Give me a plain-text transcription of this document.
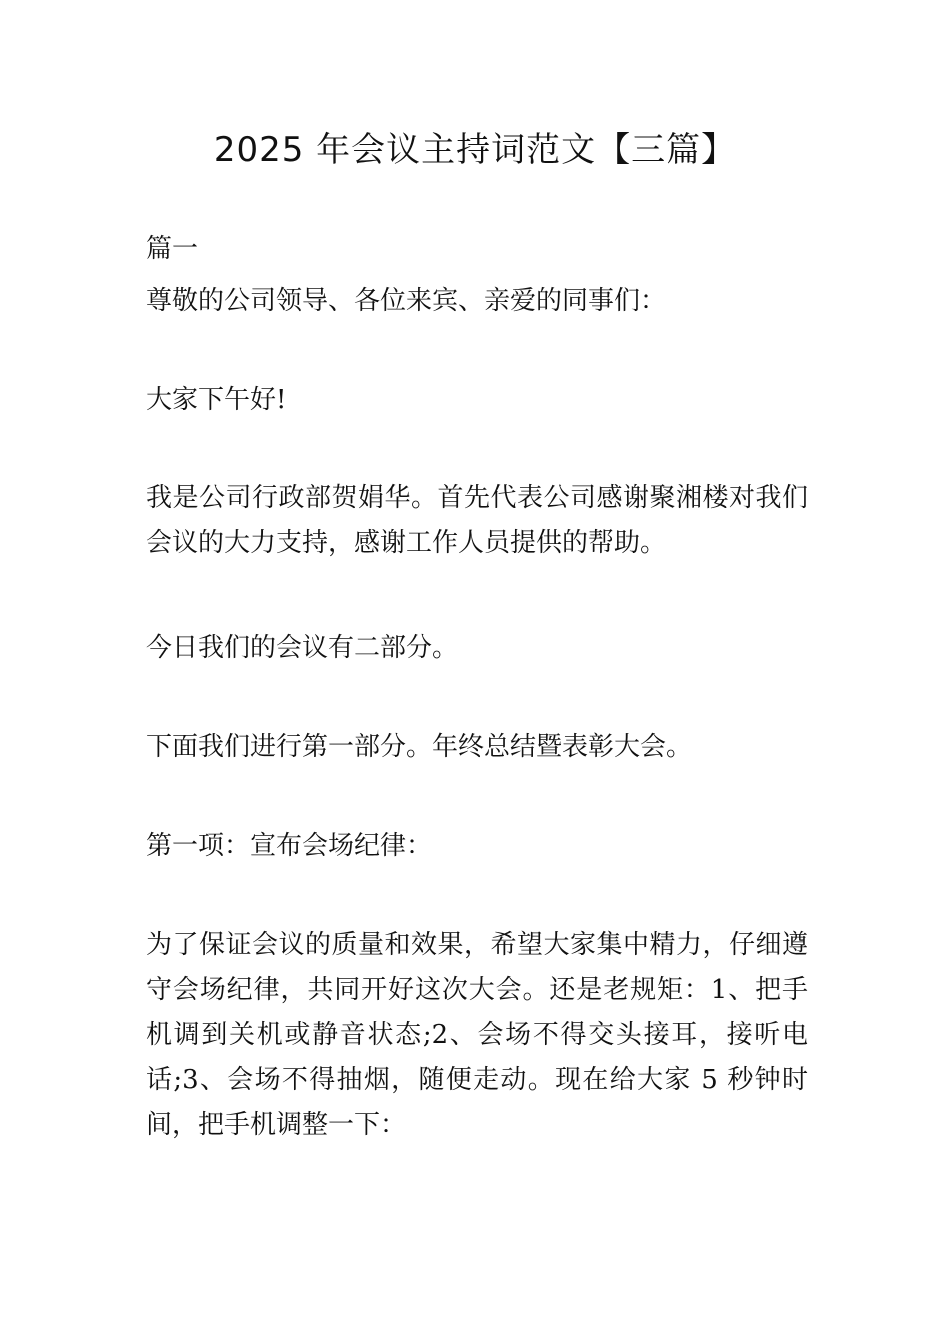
2025 年会议主持词范文【三篇】
篇一
尊敬的公司领导、各位来宾、亲爱的同事们：
大家下午好!
我是公司行政部贺娟华。首先代表公司感谢聚湘楼对我们会议的大力支持，感谢工作人员提供的帮助。
今日我们的会议有二部分。
下面我们进行第一部分。年终总结暨表彰大会。
第一项：宣布会场纪律：
为了保证会议的质量和效果，希望大家集中精力，仔细遵守会场纪律，共同开好这次大会。还是老规矩：1、把手机调到关机或静音状态;2、会场不得交头接耳，接听电话;3、会场不得抽烟，随便走动。现在给大家 5 秒钟时间，把手机调整一下：
